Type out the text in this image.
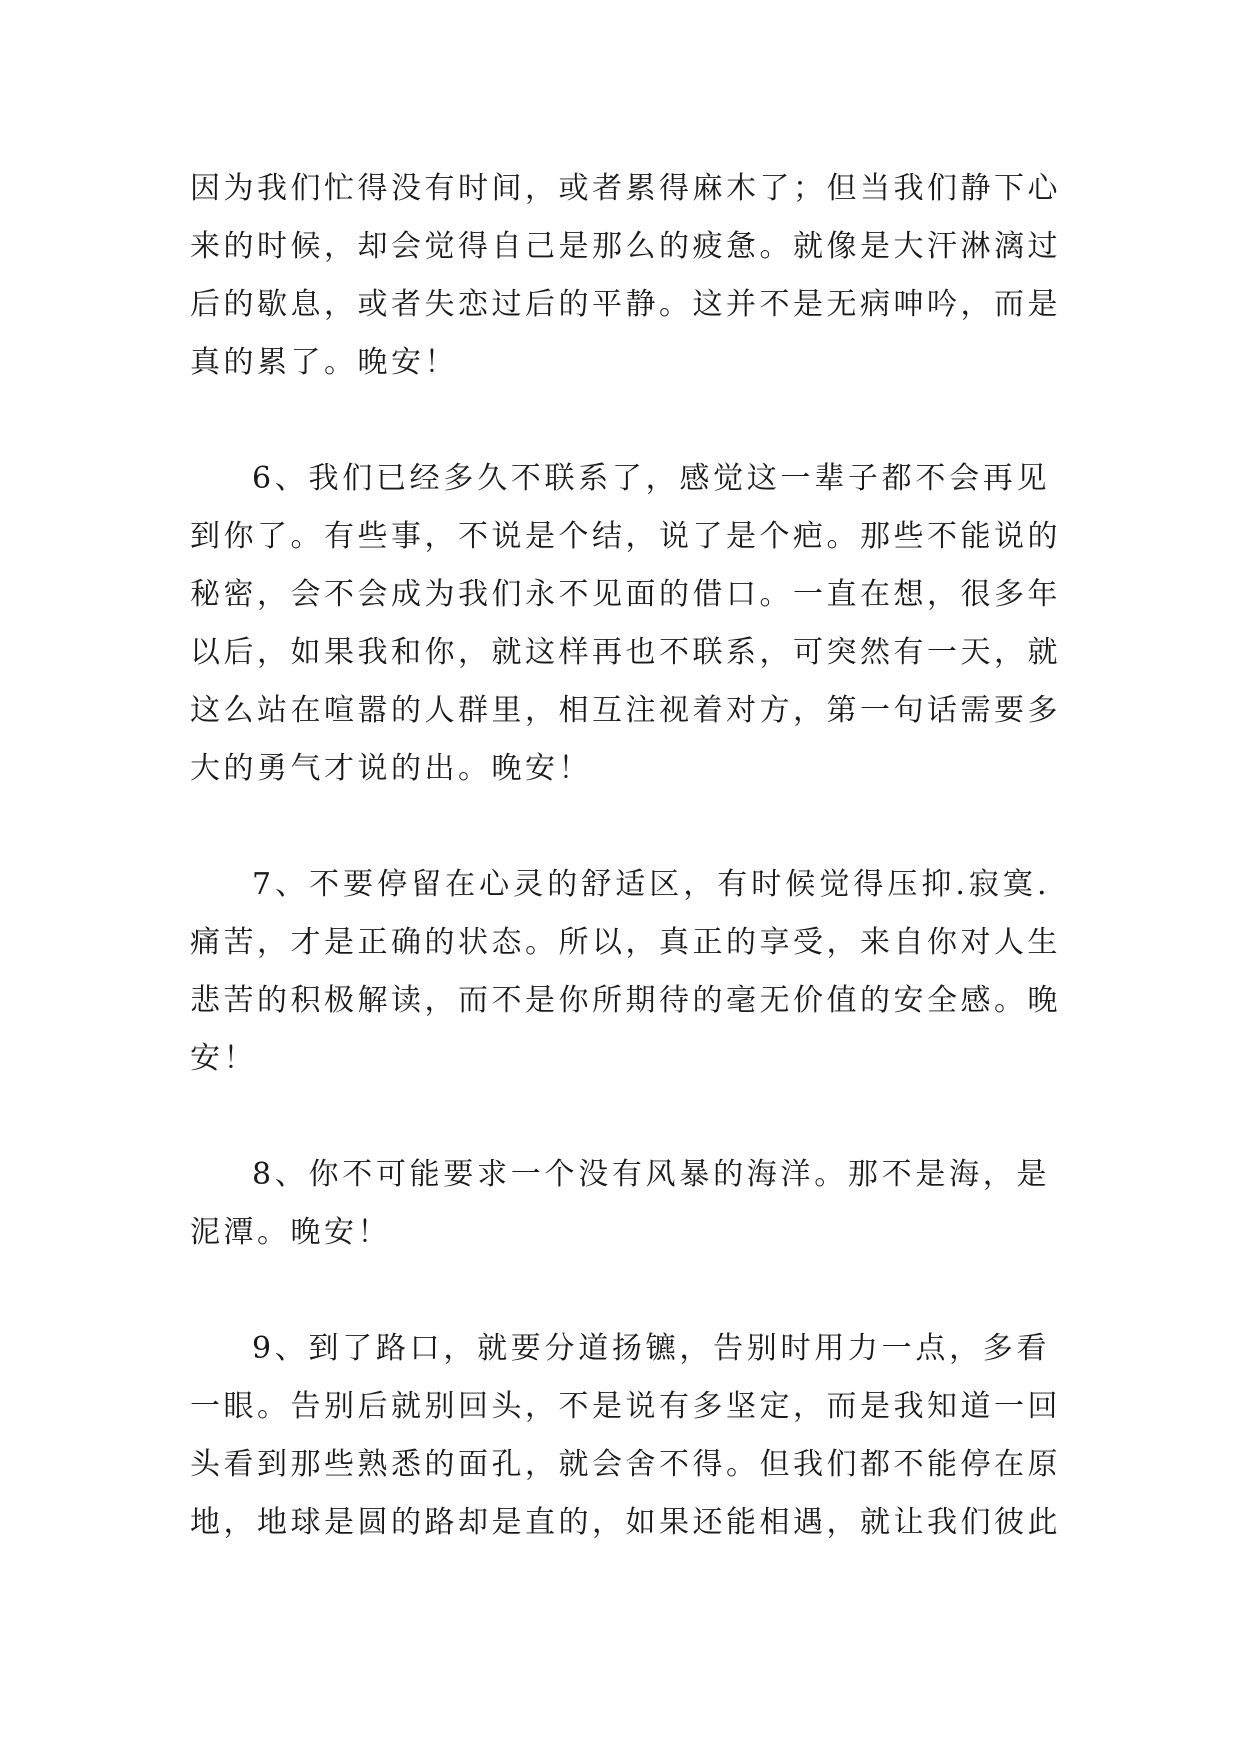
因为我们忙得没有时间，或者累得麻木了；但当我们静下心
来的时候，却会觉得自己是那么的疲惫。就像是大汗淋漓过
后的歇息，或者失恋过后的平静。这并不是无病呻吟，而是
真的累了。晚安！
6、我们已经多久不联系了，感觉这一辈子都不会再见
到你了。有些事，不说是个结，说了是个疤。那些不能说的
秘密，会不会成为我们永不见面的借口。一直在想，很多年
以后，如果我和你，就这样再也不联系，可突然有一天，就
这么站在喧嚣的人群里，相互注视着对方，第一句话需要多
大的勇气才说的出。晚安！
7、不要停留在心灵的舒适区，有时候觉得压抑.寂寞.
痛苦，才是正确的状态。所以，真正的享受，来自你对人生
悲苦的积极解读，而不是你所期待的毫无价值的安全感。晚
安！
8、你不可能要求一个没有风暴的海洋。那不是海，是
泥潭。晚安！
9、到了路口，就要分道扬镳，告别时用力一点，多看
一眼。告别后就别回头，不是说有多坚定，而是我知道一回
头看到那些熟悉的面孔，就会舍不得。但我们都不能停在原
地，地球是圆的路却是直的，如果还能相遇，就让我们彼此
